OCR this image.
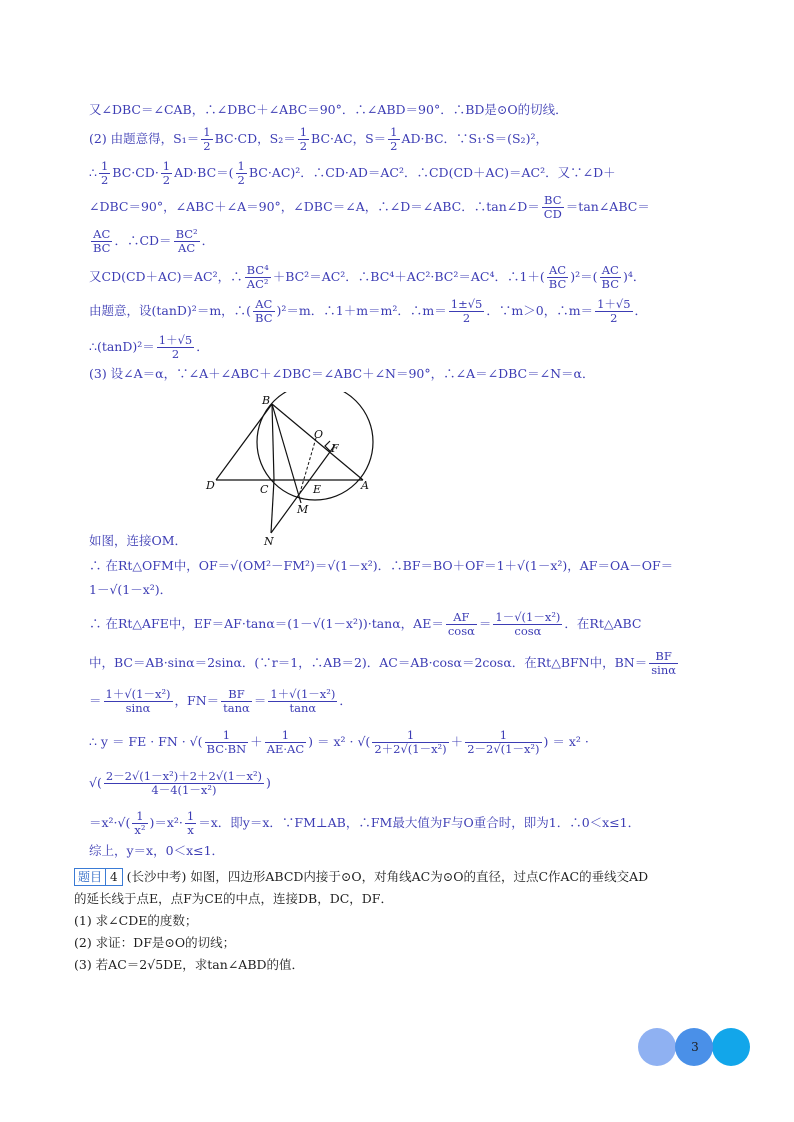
又∠DBC＝∠CAB，∴∠DBC＋∠ABC＝90°．∴∠ABD＝90°．∴BD是⊙O的切线．
(2) 由题意得，$S_1= \frac{1}{2} BC\cdot CD$，$S_2= \frac{1}{2} BC\cdot AC$，$S= \frac{1}{2} AD\cdot BC$．∵S₁·S＝(S₂)²，
∴ $\frac{1}{2} BC\cdot CD\cdot \frac{1}{2} AD\cdot BC=( \frac{1}{2} BC\cdot AC)^2$．∴CD·AD＝AC²．∴CD(CD＋AC)＝AC²．又∵∠D＋
∠DBC＝90°，∠ABC＋∠A＝90°，∠DBC＝∠A，∴∠D＝∠ABC．∴tan∠D＝ $\frac{BC}{CD}$ ＝tan∠ABC＝
$\frac{AC}{BC}$ ．∴CD＝ $\frac{\text{BC²}}{AC}$ ．
又CD(CD＋AC)＝AC²，∴ $\frac{\text{BC⁴}}{\text{AC²}} +BC^2=AC^2$．∴BC⁴＋AC²·BC²＝AC⁴．∴1＋( $\frac{AC}{BC} )^2=( \frac{AC}{BC} )^4$．
由题意，设(tanD)²＝m，∴( $\frac{AC}{BC} )^2=m$．∴1＋m＝m²．∴m＝ $\frac{1\pm√5}{2}$ ．∵m＞0，∴m＝ $\frac{1+√5}{2}$ ．
∴(tanD)²＝ $\frac{1+√5}{2}$ ．
(3) 设∠A＝α，∵∠A＋∠ABC＋∠DBC＝∠ABC＋∠N＝90°，∴∠A＝∠DBC＝∠N＝α．
B
O
F
D	C	E	A
M
N
如图，连接OM．
∴ 在Rt△OFM中，OF＝√(OM²－FM²)＝√(1－x²)．∴BF＝BO＋OF＝1＋√(1－x²)，AF＝OA－OF＝
1－√(1－x²)．
∴ 在Rt△AFE中，EF＝AF·tanα＝(1－√(1－x²))·tanα，$AE= \frac{AF}{\cos\alpha} = \frac{\text{1－√(1－x²)}}{\cos\alpha}$ ．在Rt△ABC
中，BC＝AB·sinα＝2sinα．(∵r＝1，∴AB＝2)．AC＝AB·cosα＝2cosα．在Rt△BFN中，$BN= \frac{BF}{\sin\alpha}$
＝ $\frac{\text{1＋√(1－x²)}}{\sin\alpha}$ ，$FN= \frac{BF}{\tan\alpha} = \frac{\text{1＋√(1－x²)}}{\tan\alpha}$ ．
∴ y ＝ FE · FN · √( $\frac{1}{BC\cdot BN} + \frac{1}{AE\cdot AC}$ ) ＝ x² · √( $\frac{1}{\text{2＋2√(1－x²)}} + \frac{1}{\text{2－2√(1－x²)}}$ ) ＝ x² ·
√( $\frac{\text{2－2√(1－x²)＋2＋2√(1－x²)}}{\text{4－4(1－x²)}}$ )
$=x^2\cdot√( \frac{1}{\text{x²}} )=x^2\cdot \frac{1}{x} =x$．即y＝x．∵FM⊥AB，∴FM最大值为F与O重合时，即为1．∴0＜x≤1．
综上，y＝x，0＜x≤1．
题目 4 (长沙中考) 如图，四边形ABCD内接于⊙O，对角线AC为⊙O的直径，过点C作AC的垂线交AD
的延长线于点E，点F为CE的中点，连接DB，DC，DF．
(1) 求∠CDE的度数；
(2) 求证：DF是⊙O的切线；
(3) 若AC＝2√5DE，求tan∠ABD的值．
3
